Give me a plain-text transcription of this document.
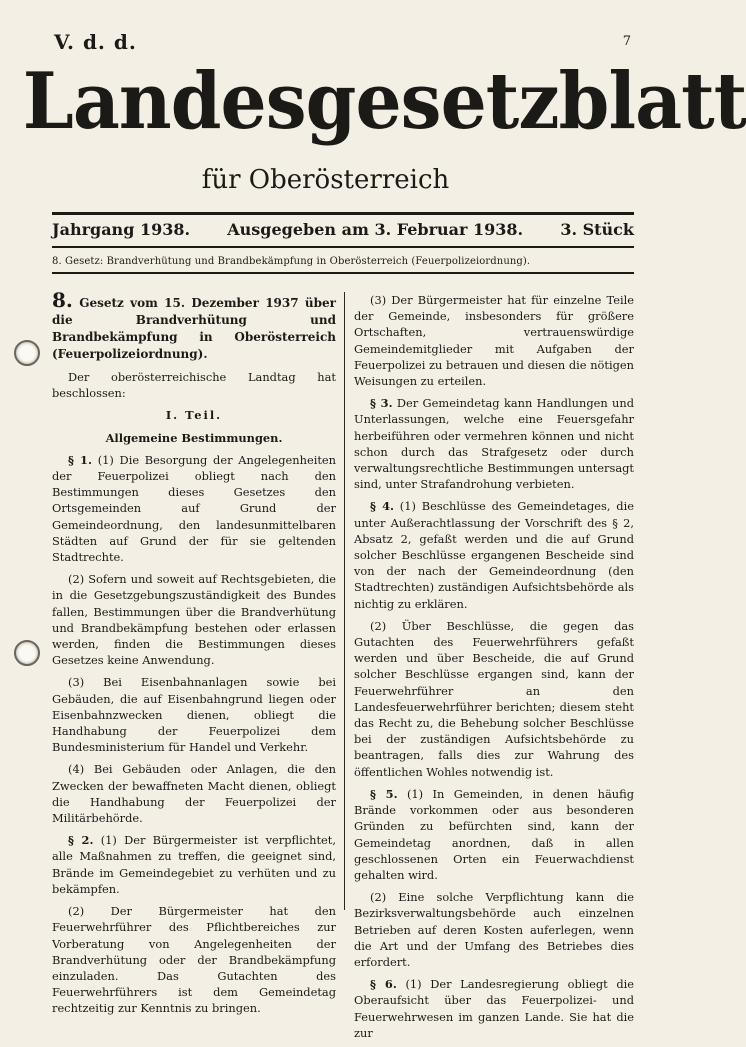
V. d. d.	7
Landesgesetzblatt
für Oberösterreich
Jahrgang 1938. Ausgegeben am 3. Februar 1938. 3. Stück
8. Gesetz: Brandverhütung und Brandbekämpfung in Oberösterreich (Feuerpolizeiordnung).

8. Gesetz vom 15. Dezember 1937 über die Brandverhütung und Brandbekämpfung in Oberösterreich (Feuerpolizeiordnung).

Der oberösterreichische Landtag hat beschlossen:

I. Teil.

Allgemeine Bestimmungen.

§ 1. (1) Die Besorgung der Angelegenheiten der Feuerpolizei obliegt nach den Bestimmungen dieses Gesetzes den Ortsgemeinden auf Grund der Gemeindeordnung, den landesunmittelbaren Städten auf Grund der für sie geltenden Stadtrechte.

(2) Sofern und soweit auf Rechtsgebieten, die in die Gesetzgebungszuständigkeit des Bundes fallen, Bestimmungen über die Brandverhütung und Brandbekämpfung bestehen oder erlassen werden, finden die Bestimmungen dieses Gesetzes keine Anwendung.

(3) Bei Eisenbahnanlagen sowie bei Gebäuden, die auf Eisenbahngrund liegen oder Eisenbahnzwecken dienen, obliegt die Handhabung der Feuerpolizei dem Bundesministerium für Handel und Verkehr.

(4) Bei Gebäuden oder Anlagen, die den Zwecken der bewaffneten Macht dienen, obliegt die Handhabung der Feuerpolizei der Militärbehörde.

§ 2. (1) Der Bürgermeister ist verpflichtet, alle Maßnahmen zu treffen, die geeignet sind, Brände im Gemeindegebiet zu verhüten und zu bekämpfen.

(2) Der Bürgermeister hat den Feuerwehrführer des Pflichtbereiches zur Vorberatung von Angelegenheiten der Brandverhütung oder der Brandbekämpfung einzuladen. Das Gutachten des Feuerwehrführers ist dem Gemeindetag rechtzeitig zur Kenntnis zu bringen.

(3) Der Bürgermeister hat für einzelne Teile der Gemeinde, insbesonders für größere Ortschaften, vertrauenswürdige Gemeindemitglieder mit Aufgaben der Feuerpolizei zu betrauen und diesen die nötigen Weisungen zu erteilen.

§ 3. Der Gemeindetag kann Handlungen und Unterlassungen, welche eine Feuersgefahr herbeiführen oder vermehren können und nicht schon durch das Strafgesetz oder durch verwaltungsrechtliche Bestimmungen untersagt sind, unter Strafandrohung verbieten.

§ 4. (1) Beschlüsse des Gemeindetages, die unter Außerachtlassung der Vorschrift des § 2, Absatz 2, gefaßt werden und die auf Grund solcher Beschlüsse ergangenen Bescheide sind von der nach der Gemeindeordnung (den Stadtrechten) zuständigen Aufsichtsbehörde als nichtig zu erklären.

(2) Über Beschlüsse, die gegen das Gutachten des Feuerwehrführers gefaßt werden und über Bescheide, die auf Grund solcher Beschlüsse ergangen sind, kann der Feuerwehrführer an den Landesfeuerwehrführer berichten; diesem steht das Recht zu, die Behebung solcher Beschlüsse bei der zuständigen Aufsichtsbehörde zu beantragen, falls dies zur Wahrung des öffentlichen Wohles notwendig ist.

§ 5. (1) In Gemeinden, in denen häufig Brände vorkommen oder aus besonderen Gründen zu befürchten sind, kann der Gemeindetag anordnen, daß in allen geschlossenen Orten ein Feuerwachdienst gehalten wird.

(2) Eine solche Verpflichtung kann die Bezirksverwaltungsbehörde auch einzelnen Betrieben auf deren Kosten auferlegen, wenn die Art und der Umfang des Betriebes dies erfordert.

§ 6. (1) Der Landesregierung obliegt die Oberaufsicht über das Feuerpolizei- und Feuerwehrwesen im ganzen Lande. Sie hat die zur
